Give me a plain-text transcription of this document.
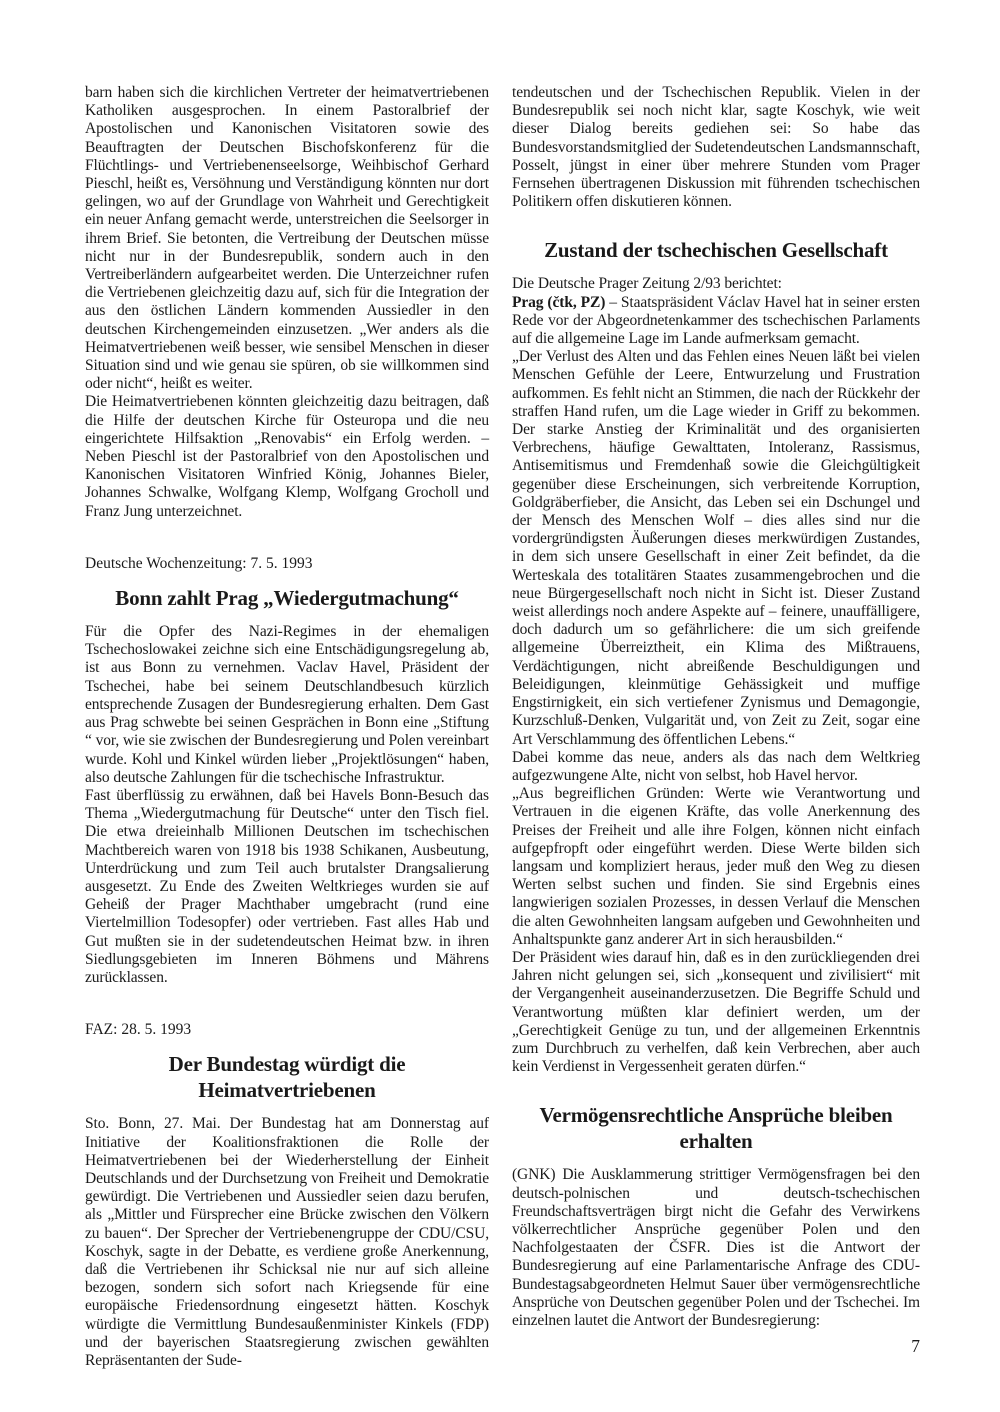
barn haben sich die kirchlichen Vertreter der heimatvertriebenen Katholiken ausgesprochen. In einem Pastoralbrief der Apostolischen und Kanonischen Visitatoren sowie des Beauftragten der Deutschen Bischofskonferenz für die Flüchtlings- und Vertriebenenseelsorge, Weihbischof Gerhard Pieschl, heißt es, Versöhnung und Verständigung könnten nur dort gelingen, wo auf der Grundlage von Wahrheit und Gerechtigkeit ein neuer Anfang gemacht werde, unterstreichen die Seelsorger in ihrem Brief. Sie betonten, die Vertreibung der Deutschen müsse nicht nur in der Bundesrepublik, sondern auch in den Vertreiberländern aufgearbeitet werden. Die Unterzeichner rufen die Vertriebenen gleichzeitig dazu auf, sich für die Integration der aus den östlichen Ländern kommenden Aussiedler in den deutschen Kirchengemeinden einzusetzen. „Wer anders als die Heimatvertriebenen weiß besser, wie sensibel Menschen in dieser Situation sind und wie genau sie spüren, ob sie willkommen sind oder nicht“, heißt es weiter.

Die Heimatvertriebenen könnten gleichzeitig dazu beitragen, daß die Hilfe der deutschen Kirche für Osteuropa und die neu eingerichtete Hilfsaktion „Renovabis“ ein Erfolg werden. – Neben Pieschl ist der Pastoralbrief von den Apostolischen und Kanonischen Visitatoren Winfried König, Johannes Bieler, Johannes Schwalke, Wolfgang Klemp, Wolfgang Grocholl und Franz Jung unterzeichnet.

Deutsche Wochenzeitung: 7. 5. 1993

Bonn zahlt Prag „Wiedergutmachung“

Für die Opfer des Nazi-Regimes in der ehemaligen Tschechoslowakei zeichne sich eine Entschädigungsregelung ab, ist aus Bonn zu vernehmen. Vaclav Havel, Präsident der Tschechei, habe bei seinem Deutschlandbesuch kürzlich entsprechende Zusagen der Bundesregierung erhalten. Dem Gast aus Prag schwebte bei seinen Gesprächen in Bonn eine „Stiftung “ vor, wie sie zwischen der Bundesregierung und Polen vereinbart wurde. Kohl und Kinkel würden lieber „Projektlösungen“ haben, also deutsche Zahlungen für die tschechische Infrastruktur.

Fast überflüssig zu erwähnen, daß bei Havels Bonn-Besuch das Thema „Wiedergutmachung für Deutsche“ unter den Tisch fiel. Die etwa dreieinhalb Millionen Deutschen im tschechischen Machtbereich waren von 1918 bis 1938 Schikanen, Ausbeutung, Unterdrückung und zum Teil auch brutalster Drangsalierung ausgesetzt. Zu Ende des Zweiten Weltkrieges wurden sie auf Geheiß der Prager Machthaber umgebracht (rund eine Viertelmillion Todesopfer) oder vertrieben. Fast alles Hab und Gut mußten sie in der sudetendeutschen Heimat bzw. in ihren Siedlungsgebieten im Inneren Böhmens und Mährens zurücklassen.

FAZ: 28. 5. 1993

Der Bundestag würdigt die Heimatvertriebenen

Sto. Bonn, 27. Mai. Der Bundestag hat am Donnerstag auf Initiative der Koalitionsfraktionen die Rolle der Heimatvertriebenen bei der Wiederherstellung der Einheit Deutschlands und der Durchsetzung von Freiheit und Demokratie gewürdigt. Die Vertriebenen und Aussiedler seien dazu berufen, als „Mittler und Fürsprecher eine Brücke zwischen den Völkern zu bauen“. Der Sprecher der Vertriebenengruppe der CDU/CSU, Koschyk, sagte in der Debatte, es verdiene große Anerkennung, daß die Vertriebenen ihr Schicksal nie nur auf sich alleine bezogen, sondern sich sofort nach Kriegsende für eine europäische Friedensordnung eingesetzt hätten. Koschyk würdigte die Vermittlung Bundesaußenminister Kinkels (FDP) und der bayerischen Staatsregierung zwischen gewählten Repräsentanten der Sude-

tendeutschen und der Tschechischen Republik. Vielen in der Bundesrepublik sei noch nicht klar, sagte Koschyk, wie weit dieser Dialog bereits gediehen sei: So habe das Bundesvorstandsmitglied der Sudetendeutschen Landsmannschaft, Posselt, jüngst in einer über mehrere Stunden vom Prager Fernsehen übertragenen Diskussion mit führenden tschechischen Politikern offen diskutieren können.

Zustand der tschechischen Gesellschaft

Die Deutsche Prager Zeitung 2/93 berichtet:

Prag (čtk, PZ) – Staatspräsident Václav Havel hat in seiner ersten Rede vor der Abgeordnetenkammer des tschechischen Parlaments auf die allgemeine Lage im Lande aufmerksam gemacht.

„Der Verlust des Alten und das Fehlen eines Neuen läßt bei vielen Menschen Gefühle der Leere, Entwurzelung und Frustration aufkommen. Es fehlt nicht an Stimmen, die nach der Rückkehr der straffen Hand rufen, um die Lage wieder in Griff zu bekommen. Der starke Anstieg der Kriminalität und des organisierten Verbrechens, häufige Gewalttaten, Intoleranz, Rassismus, Antisemitismus und Fremdenhaß sowie die Gleichgültigkeit gegenüber diese Erscheinungen, sich verbreitende Korruption, Goldgräberfieber, die Ansicht, das Leben sei ein Dschungel und der Mensch des Menschen Wolf – dies alles sind nur die vordergründigsten Äußerungen dieses merkwürdigen Zustandes, in dem sich unsere Gesellschaft in einer Zeit befindet, da die Werteskala des totalitären Staates zusammengebrochen und die neue Bürgergesellschaft noch nicht in Sicht ist. Dieser Zustand weist allerdings noch andere Aspekte auf – feinere, unauffälligere, doch dadurch um so gefährlichere: die um sich greifende allgemeine Überreiztheit, ein Klima des Mißtrauens, Verdächtigungen, nicht abreißende Beschuldigungen und Beleidigungen, kleinmütige Gehässigkeit und muffige Engstirnigkeit, ein sich vertiefener Zynismus und Demagongie, Kurzschluß-Denken, Vulgarität und, von Zeit zu Zeit, sogar eine Art Verschlammung des öffentlichen Lebens.“

Dabei komme das neue, anders als das nach dem Weltkrieg aufgezwungene Alte, nicht von selbst, hob Havel hervor.

„Aus begreiflichen Gründen: Werte wie Verantwortung und Vertrauen in die eigenen Kräfte, das volle Anerkennung des Preises der Freiheit und alle ihre Folgen, können nicht einfach aufgepfropft oder eingeführt werden. Diese Werte bilden sich langsam und kompliziert heraus, jeder muß den Weg zu diesen Werten selbst suchen und finden. Sie sind Ergebnis eines langwierigen sozialen Prozesses, in dessen Verlauf die Menschen die alten Gewohnheiten langsam aufgeben und Gewohnheiten und Anhaltspunkte ganz anderer Art in sich herausbilden.“

Der Präsident wies darauf hin, daß es in den zurückliegenden drei Jahren nicht gelungen sei, sich „konsequent und zivilisiert“ mit der Vergangenheit auseinanderzusetzen. Die Begriffe Schuld und Verantwortung müßten klar definiert werden, um der „Gerechtigkeit Genüge zu tun, und der allgemeinen Erkenntnis zum Durchbruch zu verhelfen, daß kein Verbrechen, aber auch kein Verdienst in Vergessenheit geraten dürfen.“

Vermögensrechtliche Ansprüche bleiben erhalten

(GNK) Die Ausklammerung strittiger Vermögensfragen bei den deutsch-polnischen und deutsch-tschechischen Freundschaftsverträgen birgt nicht die Gefahr des Verwirkens völkerrechtlicher Ansprüche gegenüber Polen und den Nachfolgestaaten der ČSFR. Dies ist die Antwort der Bundesregierung auf eine Parlamentarische Anfrage des CDU-Bundestagsabgeordneten Helmut Sauer über vermögensrechtliche Ansprüche von Deutschen gegenüber Polen und der Tschechei. Im einzelnen lautet die Antwort der Bundesregierung:

7
